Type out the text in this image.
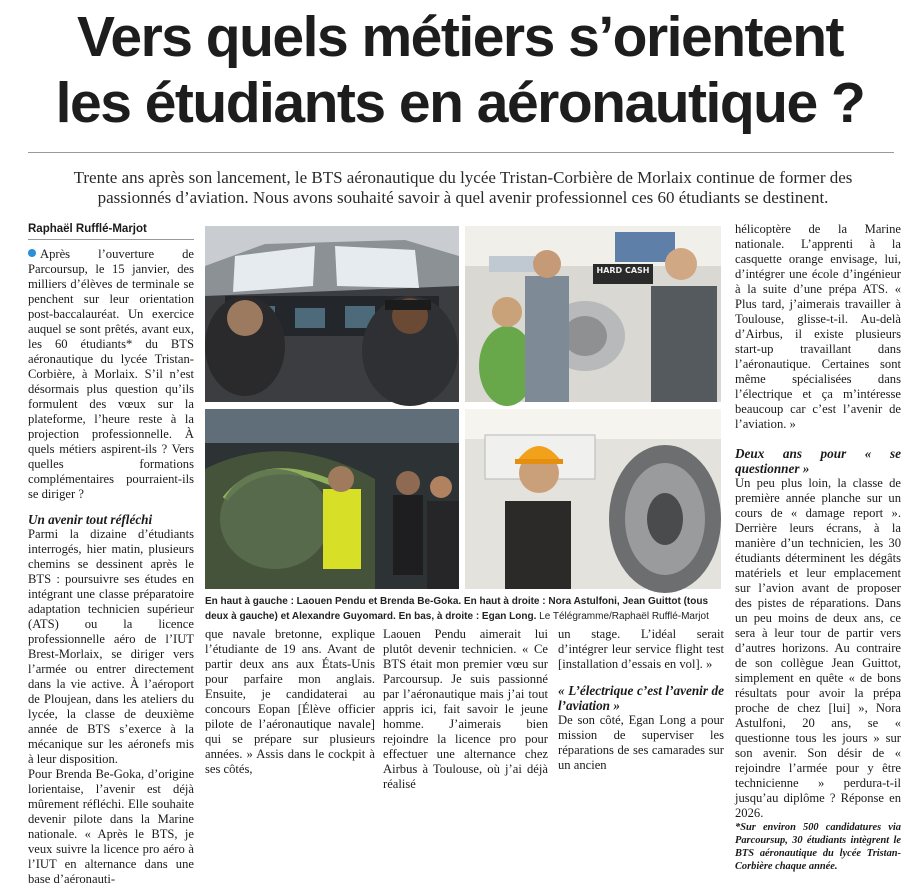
Vers quels métiers s’orientent
les étudiants en aéronautique ?

Trente ans après son lancement, le BTS aéronautique du lycée Tristan-Corbière de Morlaix continue de former des passionnés d’aviation. Nous avons souhaité savoir à quel avenir professionnel ces 60 étudiants se destinent.

Raphaël Rufflé-Marjot

Après l’ouverture de Parcoursup, le 15 janvier, des milliers d’élèves de terminale se penchent sur leur orientation post-baccalauréat. Un exercice auquel se sont prêtés, avant eux, les 60 étudiants* du BTS aéronautique du lycée Tristan-Corbière, à Morlaix. S’il n’est désormais plus question qu’ils formulent des vœux sur la plateforme, l’heure reste à la projection professionnelle. À quels métiers aspirent-ils ? Vers quelles formations complémentaires pourraient-ils se diriger ?

Un avenir tout réfléchi

Parmi la dizaine d’étudiants interrogés, hier matin, plusieurs chemins se dessinent après le BTS : poursuivre ses études en intégrant une classe préparatoire adaptation technicien supérieur (ATS) ou la licence professionnelle aéro de l’IUT Brest-Morlaix, se diriger vers l’armée ou entrer directement dans la vie active. À l’aéroport de Ploujean, dans les ateliers du lycée, la classe de deuxième année de BTS s’exerce à la mécanique sur les aéronefs mis à leur disposition.

Pour Brenda Be-Goka, d’origine lorientaise, l’avenir est déjà mûrement réfléchi. Elle souhaite devenir pilote dans la Marine nationale. « Après le BTS, je veux suivre la licence pro aéro à l’IUT en alternance dans une base d’aéronauti-

HARD CASH

En haut à gauche : Laouen Pendu et Brenda Be-Goka. En haut à droite : Nora Astulfoni, Jean Guittot (tous deux à gauche) et Alexandre Guyomard. En bas, à droite : Egan Long. Le Télégramme/Raphaël Rufflé-Marjot

que navale bretonne, explique l’étudiante de 19 ans. Avant de partir deux ans aux États-Unis pour parfaire mon anglais. Ensuite, je candidaterai au concours Eopan [Élève officier pilote de l’aéronautique navale] qui se prépare sur plusieurs années. » Assis dans le cockpit à ses côtés,

Laouen Pendu aimerait lui plutôt devenir technicien. « Ce BTS était mon premier vœu sur Parcoursup. Je suis passionné par l’aéronautique mais j’ai tout appris ici, fait savoir le jeune homme. J’aimerais bien rejoindre la licence pro pour effectuer une alternance chez Airbus à Toulouse, où j’ai déjà réalisé

un stage. L’idéal serait d’intégrer leur service flight test [installation d’essais en vol]. »

« L’électrique c’est l’avenir de l’aviation »

De son côté, Egan Long a pour mission de superviser les réparations de ses camarades sur un ancien

hélicoptère de la Marine nationale. L’apprenti à la casquette orange envisage, lui, d’intégrer une école d’ingénieur à la suite d’une prépa ATS. « Plus tard, j’aimerais travailler à Toulouse, glisse-t-il. Au-delà d’Airbus, il existe plusieurs start-up travaillant dans l’aéronautique. Certaines sont même spécialisées dans l’électrique et ça m’intéresse beaucoup car c’est l’avenir de l’aviation. »

Deux ans pour « se questionner »

Un peu plus loin, la classe de première année planche sur un cours de « damage report ». Derrière leurs écrans, à la manière d’un technicien, les 30 étudiants déterminent les dégâts matériels et leur emplacement sur l’avion avant de proposer des pistes de réparations. Dans un peu moins de deux ans, ce sera à leur tour de partir vers d’autres horizons. Au contraire de son collègue Jean Guittot, simplement en quête « de bons résultats pour avoir la prépa proche de chez [lui] », Nora Astulfoni, 20 ans, se « questionne tous les jours » sur son avenir. Son désir de « rejoindre l’armée pour y être technicienne » perdura-t-il jusqu’au diplôme ? Réponse en 2026.

*Sur environ 500 candidatures via Parcoursup, 30 étudiants intègrent le BTS aéronautique du lycée Tristan-Corbière chaque année.
